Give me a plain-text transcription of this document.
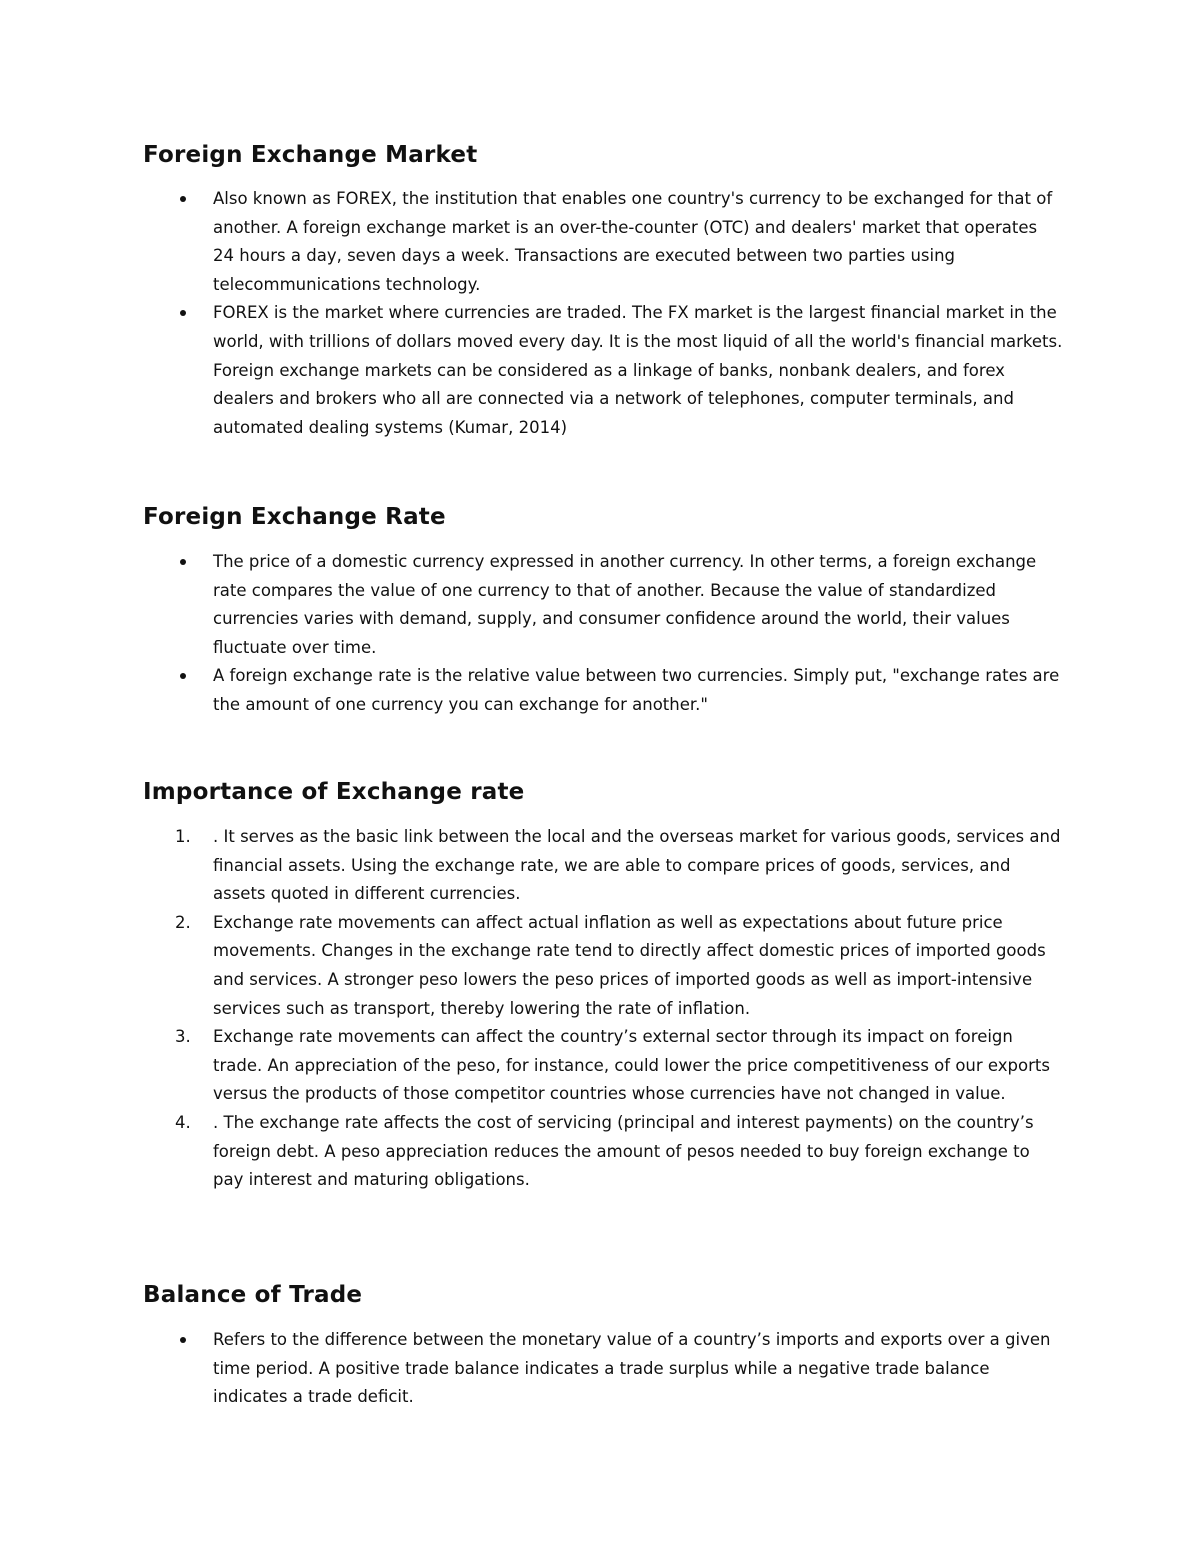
Foreign Exchange Market
Also known as FOREX, the institution that enables one country's currency to be exchanged for that of another. A foreign exchange market is an over-the-counter (OTC) and dealers' market that operates 24 hours a day, seven days a week. Transactions are executed between two parties using telecommunications technology.
FOREX is the market where currencies are traded. The FX market is the largest financial market in the world, with trillions of dollars moved every day. It is the most liquid of all the world's financial markets. Foreign exchange markets can be considered as a linkage of banks, nonbank dealers, and forex dealers and brokers who all are connected via a network of telephones, computer terminals, and automated dealing systems (Kumar, 2014)
Foreign Exchange Rate
The price of a domestic currency expressed in another currency. In other terms, a foreign exchange rate compares the value of one currency to that of another. Because the value of standardized currencies varies with demand, supply, and consumer confidence around the world, their values fluctuate over time.
A foreign exchange rate is the relative value between two currencies. Simply put, "exchange rates are the amount of one currency you can exchange for another."
Importance of Exchange rate
1. . It serves as the basic link between the local and the overseas market for various goods, services and financial assets. Using the exchange rate, we are able to compare prices of goods, services, and assets quoted in different currencies.
2. Exchange rate movements can affect actual inflation as well as expectations about future price movements. Changes in the exchange rate tend to directly affect domestic prices of imported goods and services. A stronger peso lowers the peso prices of imported goods as well as import-intensive services such as transport, thereby lowering the rate of inflation.
3. Exchange rate movements can affect the country’s external sector through its impact on foreign trade. An appreciation of the peso, for instance, could lower the price competitiveness of our exports versus the products of those competitor countries whose currencies have not changed in value.
4. . The exchange rate affects the cost of servicing (principal and interest payments) on the country’s foreign debt. A peso appreciation reduces the amount of pesos needed to buy foreign exchange to pay interest and maturing obligations.
Balance of Trade
Refers to the difference between the monetary value of a country’s imports and exports over a given time period. A positive trade balance indicates a trade surplus while a negative trade balance indicates a trade deficit.
